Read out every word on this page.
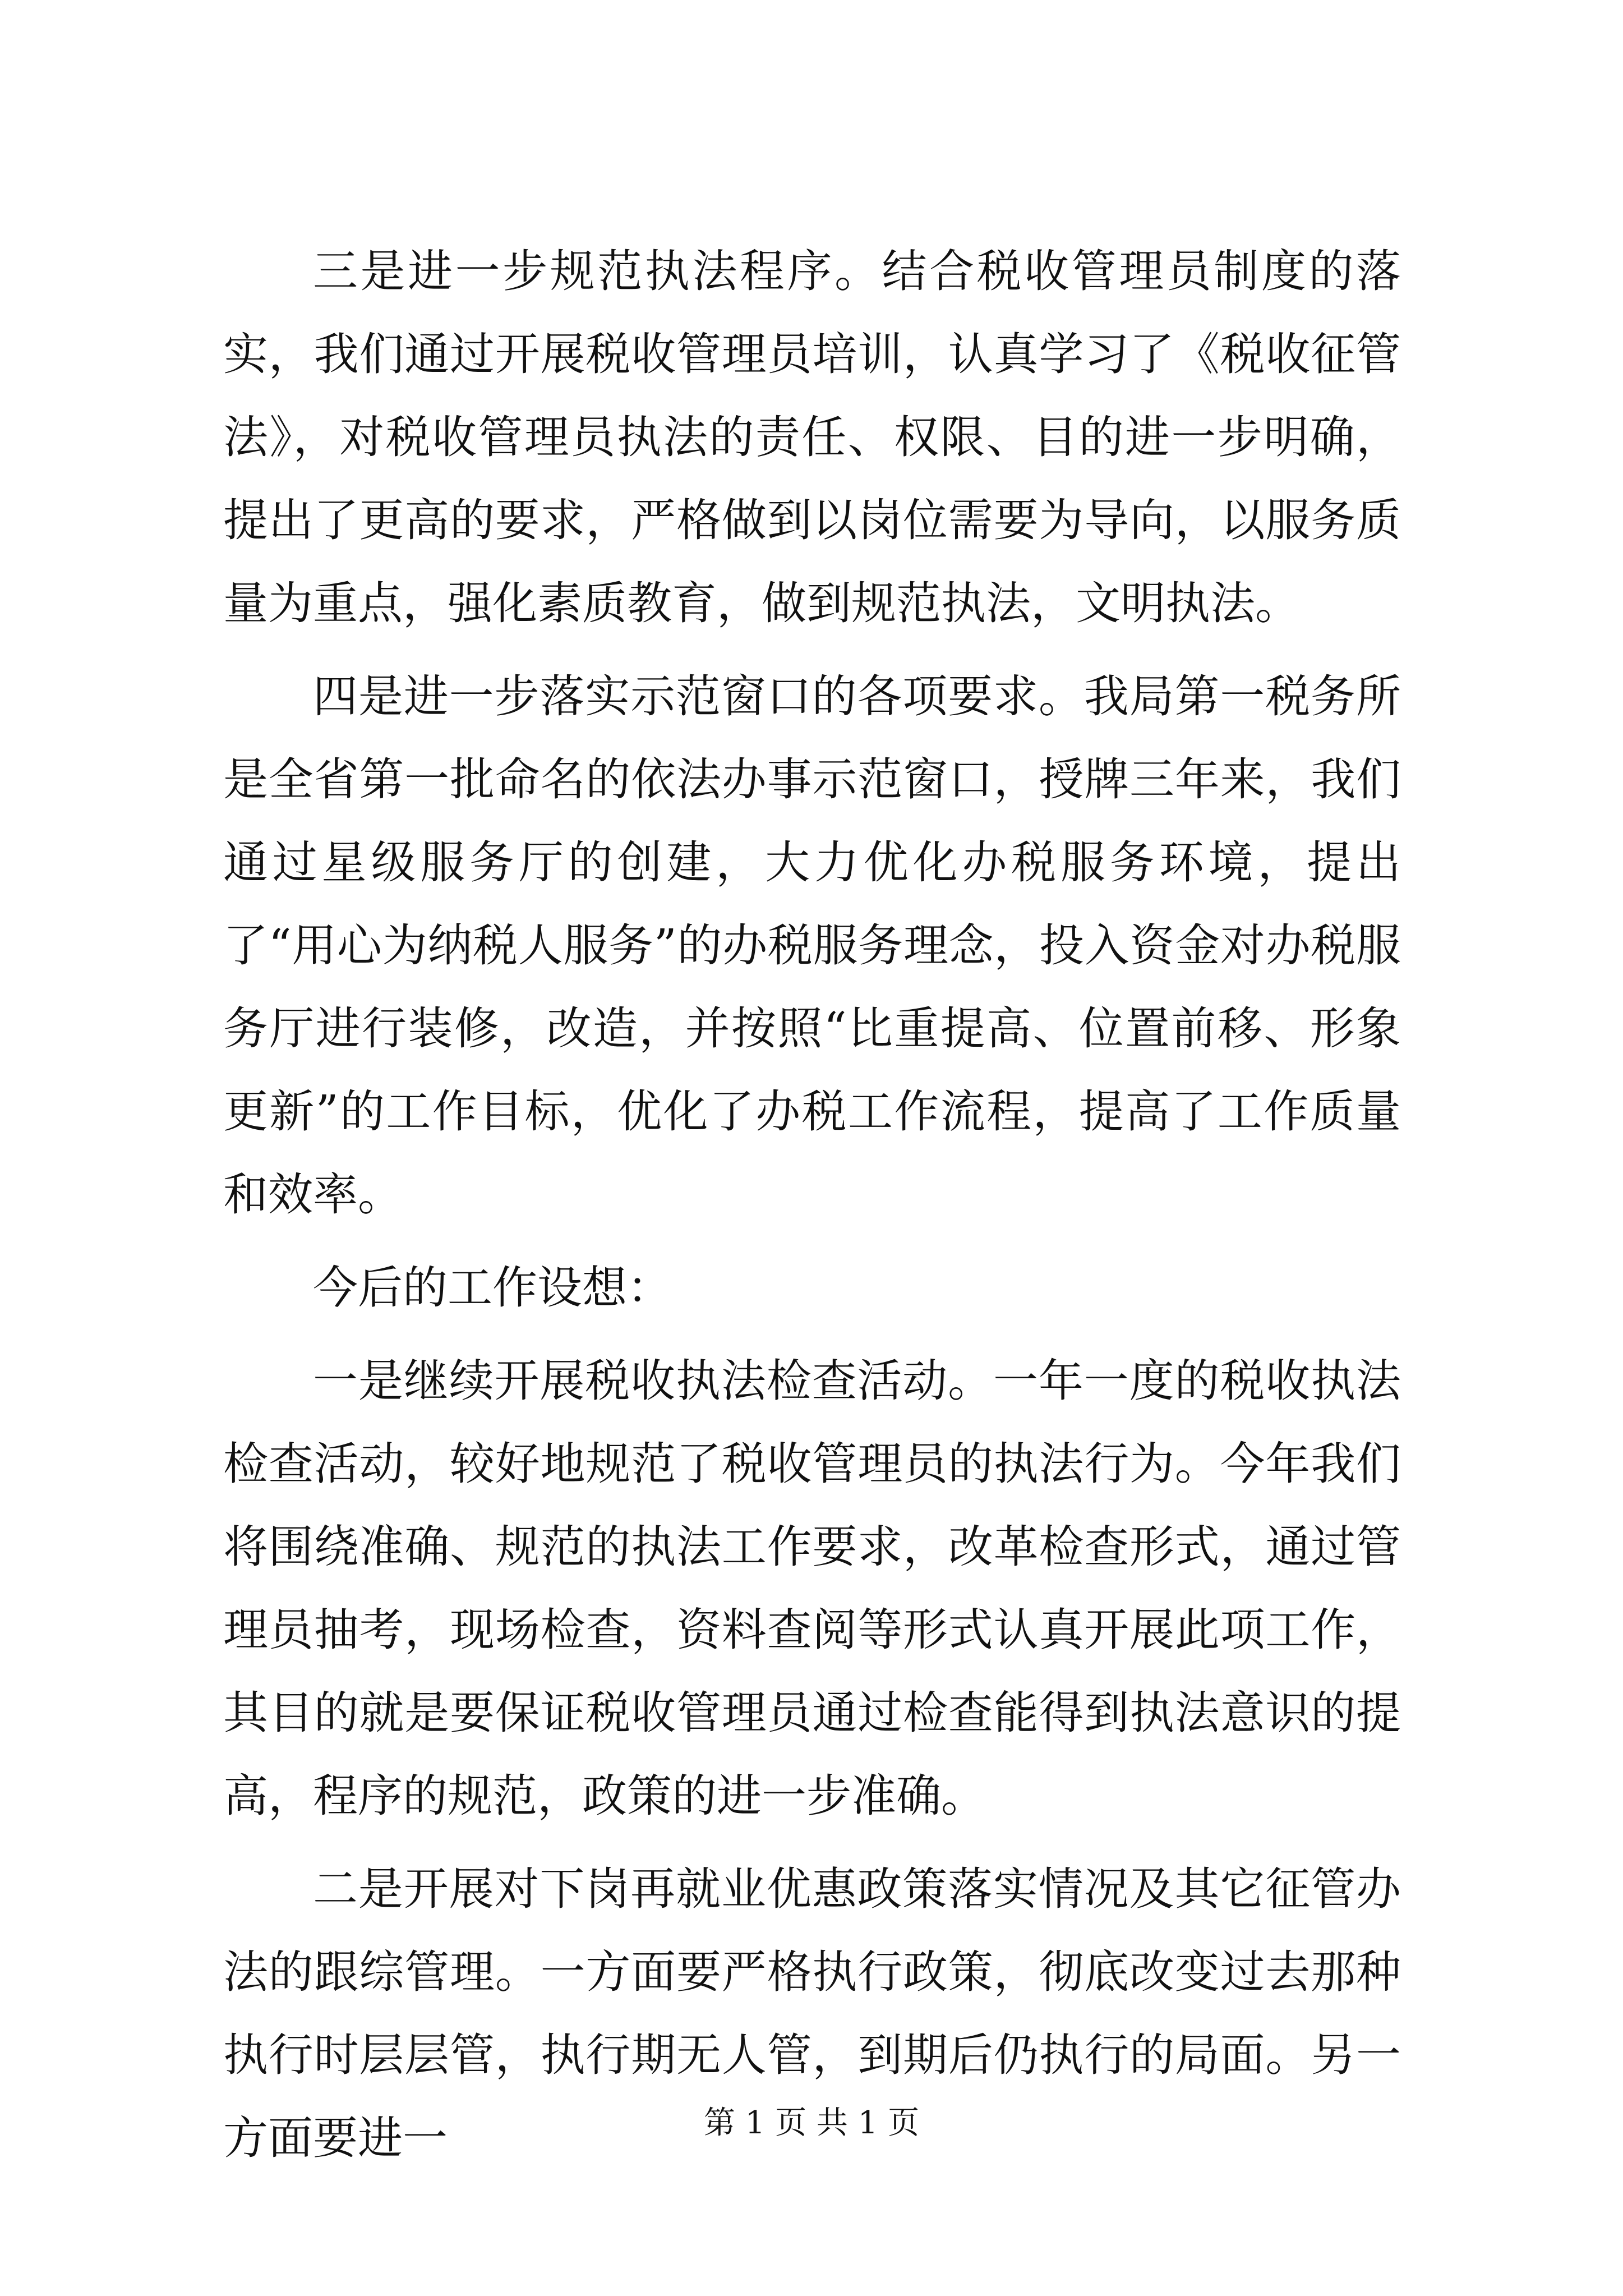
三是进一步规范执法程序。结合税收管理员制度的落实，我们通过开展税收管理员培训，认真学习了《税收征管法》，对税收管理员执法的责任、权限、目的进一步明确，提出了更高的要求，严格做到以岗位需要为导向，以服务质量为重点，强化素质教育，做到规范执法，文明执法。

四是进一步落实示范窗口的各项要求。我局第一税务所是全省第一批命名的依法办事示范窗口，授牌三年来，我们通过星级服务厅的创建，大力优化办税服务环境，提出了“用心为纳税人服务”的办税服务理念，投入资金对办税服务厅进行装修，改造，并按照“比重提高、位置前移、形象更新”的工作目标，优化了办税工作流程，提高了工作质量和效率。

今后的工作设想：

一是继续开展税收执法检查活动。一年一度的税收执法检查活动，较好地规范了税收管理员的执法行为。今年我们将围绕准确、规范的执法工作要求，改革检查形式，通过管理员抽考，现场检查，资料查阅等形式认真开展此项工作，其目的就是要保证税收管理员通过检查能得到执法意识的提高，程序的规范，政策的进一步准确。

二是开展对下岗再就业优惠政策落实情况及其它征管办法的跟综管理。一方面要严格执行政策，彻底改变过去那种执行时层层管，执行期无人管，到期后仍执行的局面。另一方面要进一	第 1 页 共 1 页
